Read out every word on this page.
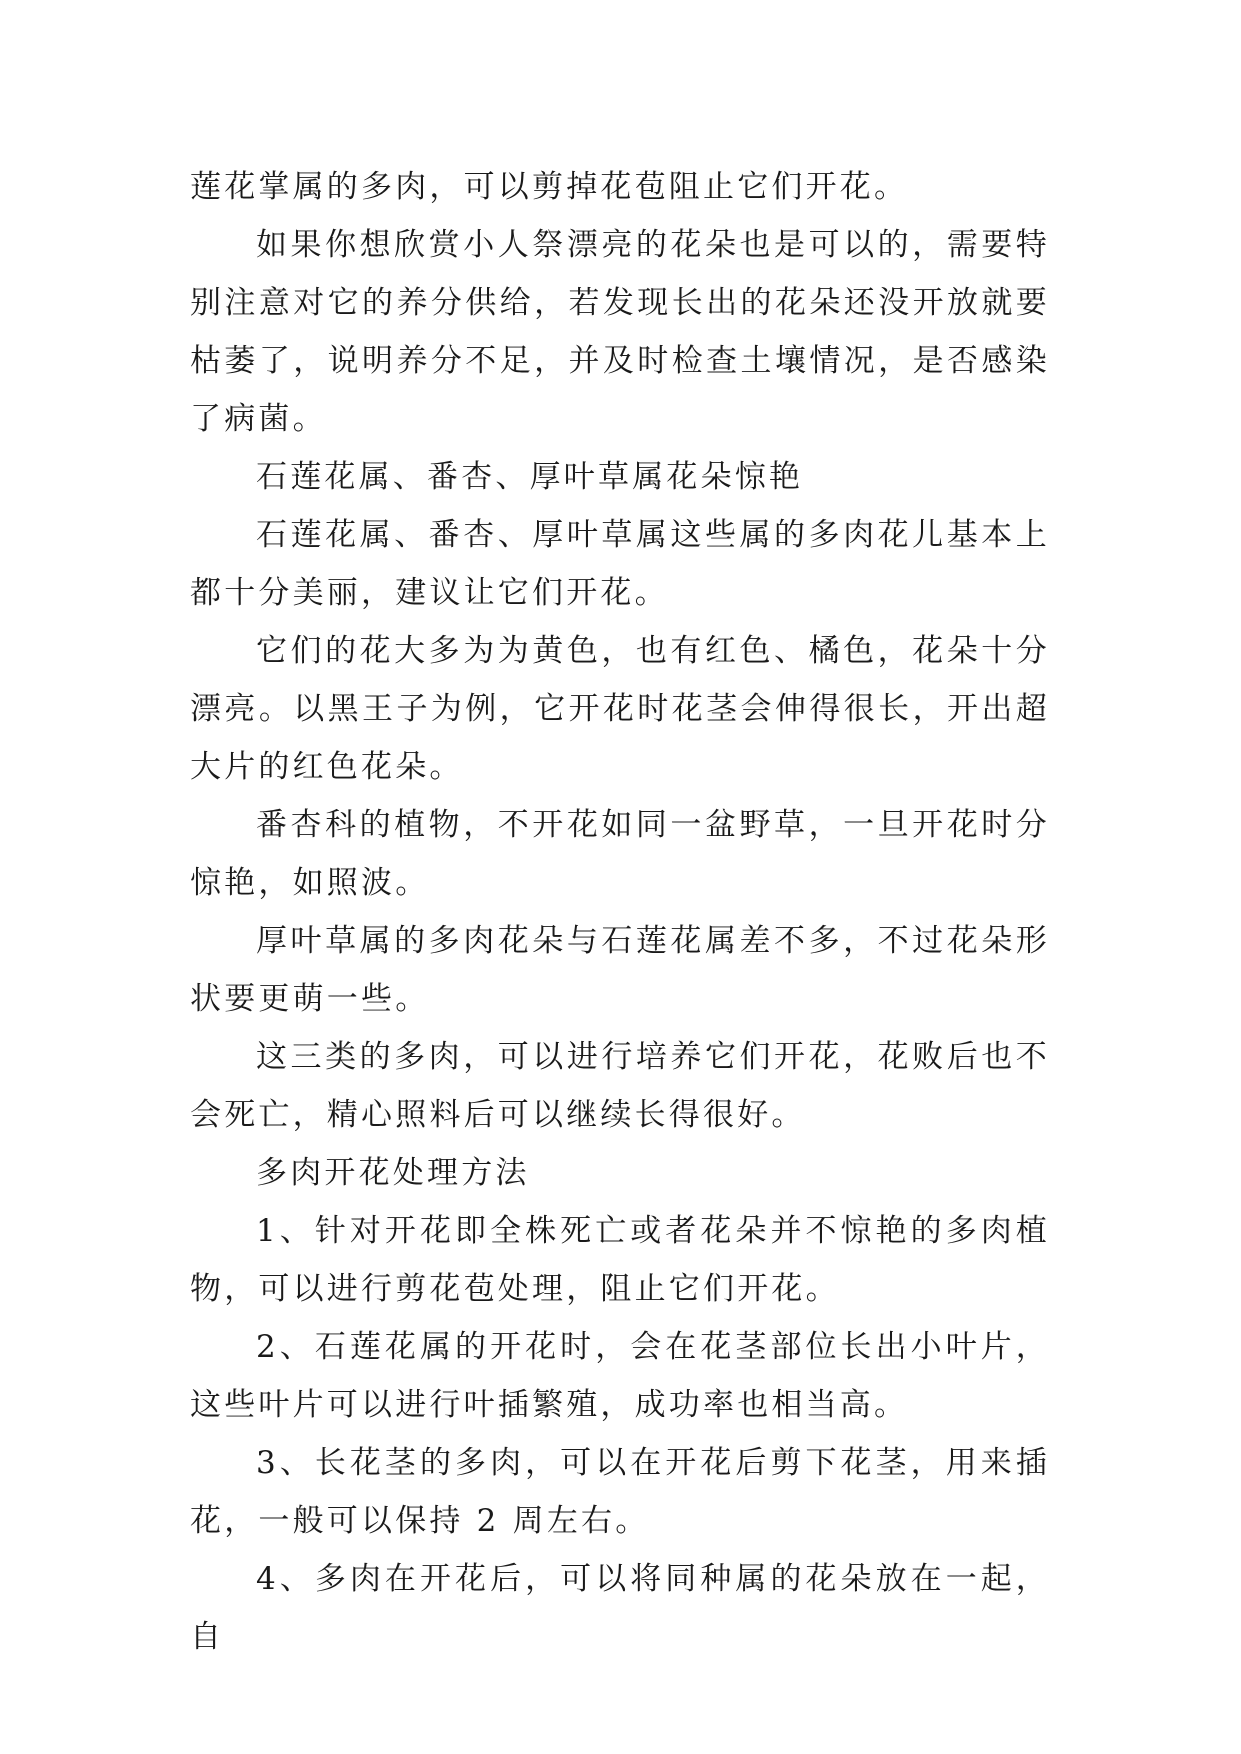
莲花掌属的多肉，可以剪掉花苞阻止它们开花。

如果你想欣赏小人祭漂亮的花朵也是可以的，需要特别注意对它的养分供给，若发现长出的花朵还没开放就要枯萎了，说明养分不足，并及时检查土壤情况，是否感染了病菌。

石莲花属、番杏、厚叶草属花朵惊艳

石莲花属、番杏、厚叶草属这些属的多肉花儿基本上都十分美丽，建议让它们开花。

它们的花大多为为黄色，也有红色、橘色，花朵十分漂亮。以黑王子为例，它开花时花茎会伸得很长，开出超大片的红色花朵。

番杏科的植物，不开花如同一盆野草，一旦开花时分惊艳，如照波。

厚叶草属的多肉花朵与石莲花属差不多，不过花朵形状要更萌一些。

这三类的多肉，可以进行培养它们开花，花败后也不会死亡，精心照料后可以继续长得很好。

多肉开花处理方法

1、针对开花即全株死亡或者花朵并不惊艳的多肉植物，可以进行剪花苞处理，阻止它们开花。

2、石莲花属的开花时，会在花茎部位长出小叶片，这些叶片可以进行叶插繁殖，成功率也相当高。

3、长花茎的多肉，可以在开花后剪下花茎，用来插花，一般可以保持 2 周左右。

4、多肉在开花后，可以将同种属的花朵放在一起，自
